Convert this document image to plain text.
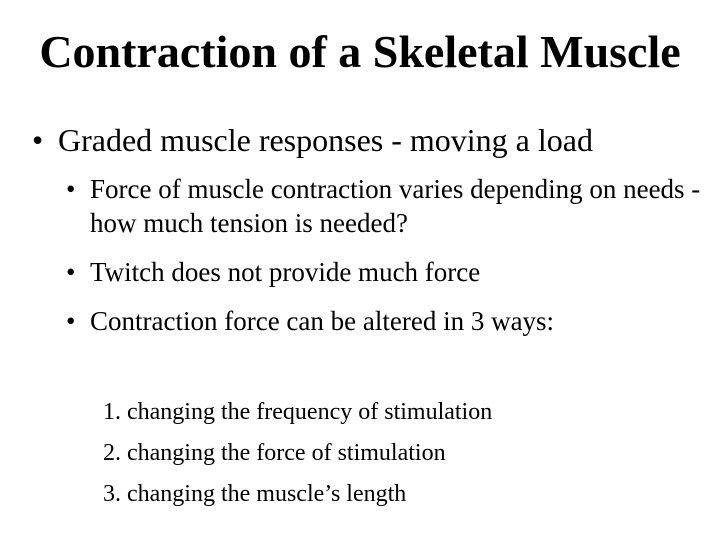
Contraction of a Skeletal Muscle
• Graded muscle responses - moving a load
• Force of muscle contraction varies depending on needs - how much tension is needed?
• Twitch does not provide much force
• Contraction force can be altered in 3 ways:
1. changing the frequency of stimulation
2. changing the force of stimulation
3. changing the muscle’s length
